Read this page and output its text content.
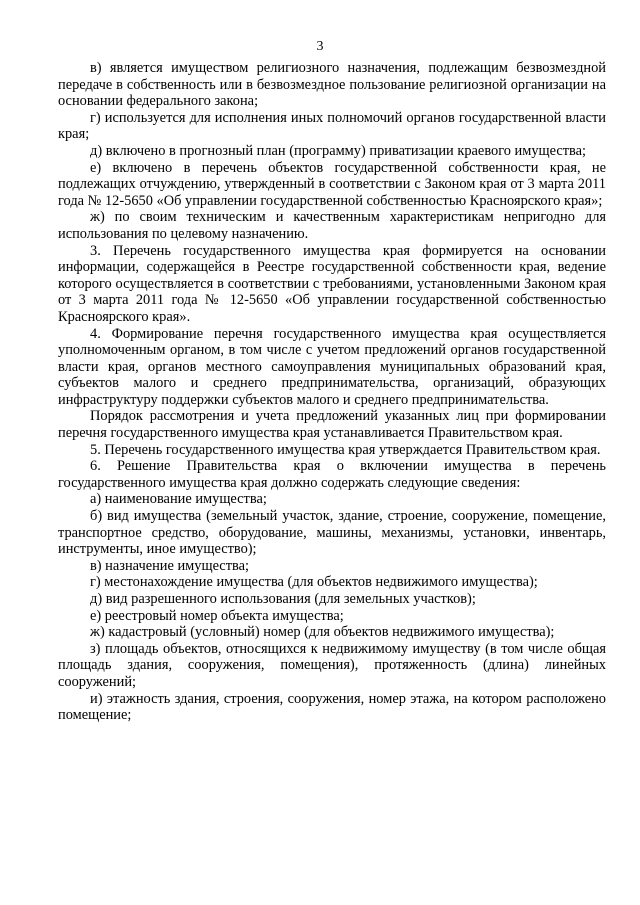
3

в) является имуществом религиозного назначения, подлежащим безвозмездной передаче в собственность или в безвозмездное пользование религиозной организации на основании федерального закона;

г) используется для исполнения иных полномочий органов государственной власти края;

д) включено в прогнозный план (программу) приватизации краевого имущества;

е) включено в перечень объектов государственной собственности края, не подлежащих отчуждению, утвержденный в соответствии с Законом края от 3 марта 2011 года № 12-5650 «Об управлении государственной собственностью Красноярского края»;

ж) по своим техническим и качественным характеристикам непригодно для использования по целевому назначению.

3. Перечень государственного имущества края формируется на основании информации, содержащейся в Реестре государственной собственности края, ведение которого осуществляется в соответствии с требованиями, установленными Законом края от 3 марта 2011 года № 12-5650 «Об управлении государственной собственностью Красноярского края».

4. Формирование перечня государственного имущества края осуществляется уполномоченным органом, в том числе с учетом предложений органов государственной власти края, органов местного самоуправления муниципальных образований края, субъектов малого и среднего предпринимательства, организаций, образующих инфраструктуру поддержки субъектов малого и среднего предпринимательства.

Порядок рассмотрения и учета предложений указанных лиц при формировании перечня государственного имущества края устанавливается Правительством края.

5. Перечень государственного имущества края утверждается Правительством края.

6. Решение Правительства края о включении имущества в перечень государственного имущества края должно содержать следующие сведения:

а) наименование имущества;

б) вид имущества (земельный участок, здание, строение, сооружение, помещение, транспортное средство, оборудование, машины, механизмы, установки, инвентарь, инструменты, иное имущество);

в) назначение имущества;

г) местонахождение имущества (для объектов недвижимого имущества);

д) вид разрешенного использования (для земельных участков);

е) реестровый номер объекта имущества;

ж) кадастровый (условный) номер (для объектов недвижимого имущества);

з) площадь объектов, относящихся к недвижимому имуществу (в том числе общая площадь здания, сооружения, помещения), протяженность (длина) линейных сооружений;

и) этажность здания, строения, сооружения, номер этажа, на котором расположено помещение;
